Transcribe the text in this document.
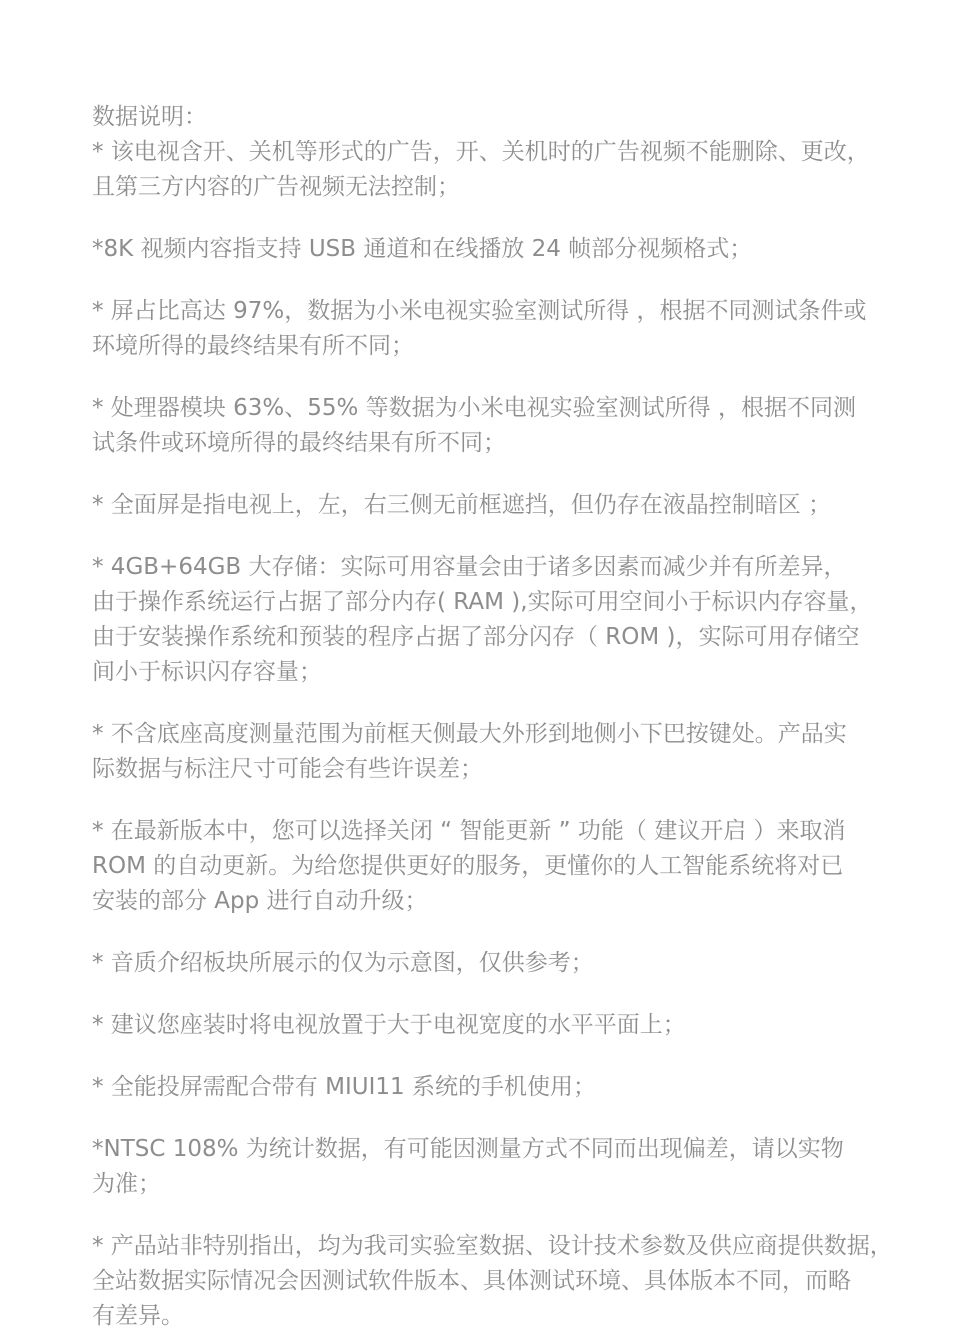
数据说明：
* 该电视含开、关机等形式的广告，开、关机时的广告视频不能删除、更改，
且第三方内容的广告视频无法控制；
*8K 视频内容指支持 USB 通道和在线播放 24 帧部分视频格式；
* 屏占比高达 97%，数据为小米电视实验室测试所得 ，根据不同测试条件或
环境所得的最终结果有所不同；
* 处理器模块 63%、55% 等数据为小米电视实验室测试所得 ，根据不同测
试条件或环境所得的最终结果有所不同；
* 全面屏是指电视上，左，右三侧无前框遮挡，但仍存在液晶控制暗区 ；
* 4GB+64GB 大存储：实际可用容量会由于诸多因素而减少并有所差异，
由于操作系统运行占据了部分内存( RAM ),实际可用空间小于标识内存容量，
由于安装操作系统和预装的程序占据了部分闪存（ ROM )，实际可用存储空
间小于标识闪存容量；
* 不含底座高度测量范围为前框天侧最大外形到地侧小下巴按键处。产品实
际数据与标注尺寸可能会有些许误差；
* 在最新版本中，您可以选择关闭 “ 智能更新 ” 功能（ 建议开启 ）来取消
ROM 的自动更新。为给您提供更好的服务，更懂你的人工智能系统将对已
安装的部分 App 进行自动升级；
* 音质介绍板块所展示的仅为示意图，仅供参考；
* 建议您座装时将电视放置于大于电视宽度的水平平面上；
* 全能投屏需配合带有 MIUI11 系统的手机使用；
*NTSC 108% 为统计数据，有可能因测量方式不同而出现偏差，请以实物
为准；
* 产品站非特别指出，均为我司实验室数据、设计技术参数及供应商提供数据，
全站数据实际情况会因测试软件版本、具体测试环境、具体版本不同，而略
有差异。
